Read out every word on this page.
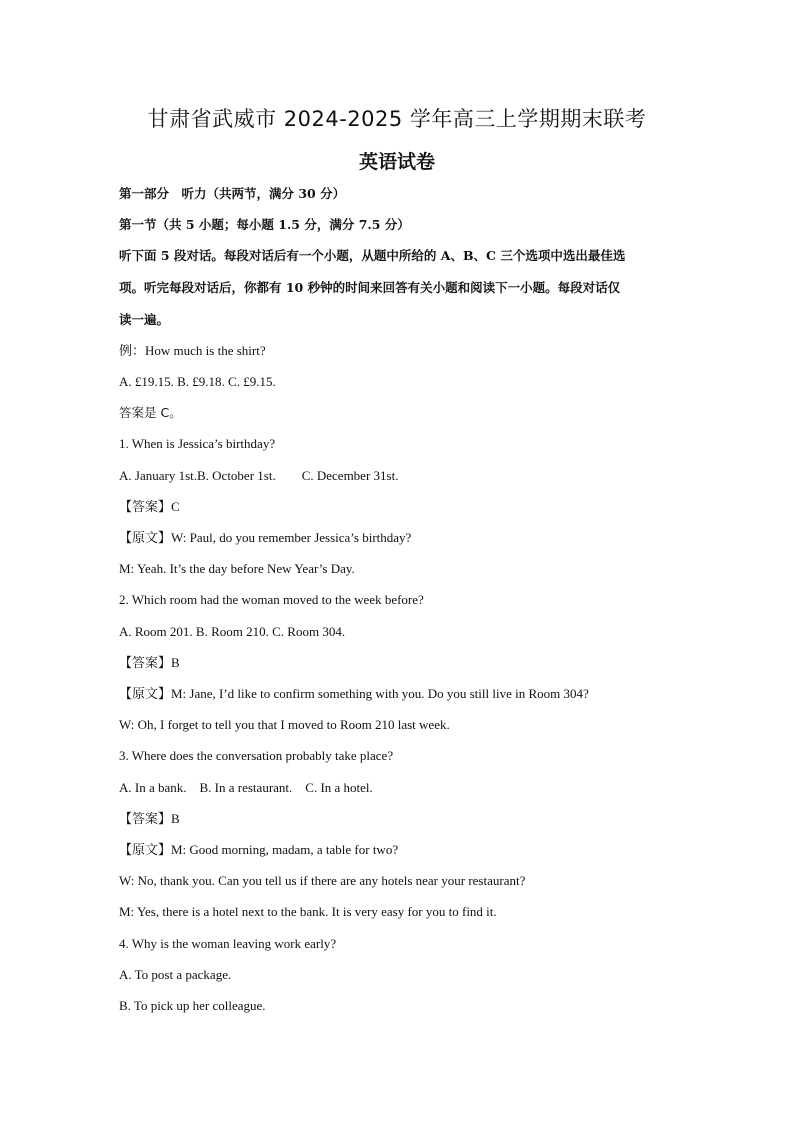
甘肃省武威市 2024-2025 学年高三上学期期末联考
英语试卷
第一部分　听力（共两节，满分 30 分）
第一节（共 5 小题；每小题 1.5 分，满分 7.5 分）
听下面 5 段对话。每段对话后有一个小题，从题中所给的 A、B、C 三个选项中选出最佳选
项。听完每段对话后，你都有 10 秒钟的时间来回答有关小题和阅读下一小题。每段对话仅
读一遍。
例：How much is the shirt?
A. £19.15. B. £9.18. C. £9.15.
答案是 C。
1. When is Jessica’s birthday?
A. January 1st.B. October 1st.　　C. December 31st.
【答案】C
【原文】W: Paul, do you remember Jessica’s birthday?
M: Yeah. It’s the day before New Year’s Day.
2. Which room had the woman moved to the week before?
A. Room 201. B. Room 210. C. Room 304.
【答案】B
【原文】M: Jane, I’d like to confirm something with you. Do you still live in Room 304?
W: Oh, I forget to tell you that I moved to Room 210 last week.
3. Where does the conversation probably take place?
A. In a bank.　B. In a restaurant.　C. In a hotel.
【答案】B
【原文】M: Good morning, madam, a table for two?
W: No, thank you. Can you tell us if there are any hotels near your restaurant?
M: Yes, there is a hotel next to the bank. It is very easy for you to find it.
4. Why is the woman leaving work early?
A. To post a package.
B. To pick up her colleague.
